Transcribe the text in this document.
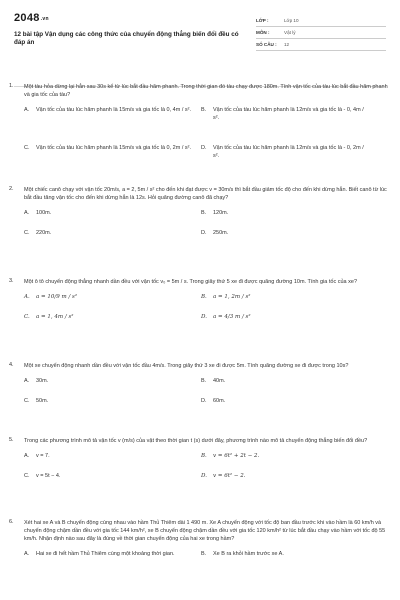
2048.vn
12 bài tập Vận dụng các công thức của chuyển động thẳng biến đổi đều có đáp án
LỚP :	Lớp 10
MÔN :	Vật lý
SỐ CÂU :	12
1. Một tàu hỏa dừng lại hẳn sau 30s kể từ lúc bắt đầu hãm phanh. Trong thời gian đó tàu chạy được 180m. Tính vận tốc của tàu lúc bắt đầu hãm phanh và gia tốc của tàu?
A. Vận tốc của tàu lúc hãm phanh là 15m/s và gia tốc là 0, 4m / s². B. Vận tốc của tàu lúc hãm phanh là 12m/s và gia tốc là - 0, 4m / s².
C. Vận tốc của tàu lúc hãm phanh là 15m/s và gia tốc là 0, 2m / s². D. Vận tốc của tàu lúc hãm phanh là 12m/s và gia tốc là - 0, 2m / s².
2. Một chiếc canô chạy với vận tốc 20m/s, a = 2, 5m / s² cho đến khi đạt được v = 30m/s thì bắt đầu giảm tốc độ cho đến khi dừng hẳn. Biết canô từ lúc bắt đầu tăng vận tốc cho đến khi dừng hẳn là 12s. Hỏi quãng đường canô đã chạy?
A. 100m.	B. 120m.
C. 220m.	D. 250m.
3. Một ô tô chuyển động thẳng nhanh dần đều với vận tốc v₀ = 5m / s. Trong giây thứ 5 xe đi được quãng đường 10m. Tính gia tốc của xe?
A. a = 10/9 m / s²	B. a = 1, 2m / s²
C. a = 1, 4m / s²	D. a = 4/3 m / s²
4. Một xe chuyển động nhanh dần đều với vận tốc đầu 4m/s. Trong giây thứ 3 xe đi được 5m. Tính quãng đường xe đi được trong 10s?
A. 30m.	B. 40m.
C. 50m.	D. 60m.
5. Trong các phương trình mô tả vận tốc v (m/s) của vật theo thời gian t (s) dưới đây, phương trình nào mô tả chuyển động thẳng biến đổi đều?
A. v = 7.	B. v = 6t² + 2t − 2.
C. v = 5t − 4.	D. v = 6t² − 2.
6. Xét hai xe A và B chuyển động cùng nhau vào hầm Thủ Thiêm dài 1 490 m. Xe A chuyển động với tốc độ ban đầu trước khi vào hầm là 60 km/h và chuyển động chậm dần đều với gia tốc 144 km/h², xe B chuyển động chậm dần đều với gia tốc 120 km/h² từ lúc bắt đầu chạy vào hầm với tốc độ 55 km/h. Nhận định nào sau đây là đúng về thời gian chuyển động của hai xe trong hầm?
A. Hai xe đi hết hầm Thủ Thiêm cùng một khoảng thời gian.	B. Xe B ra khỏi hầm trước xe A.
